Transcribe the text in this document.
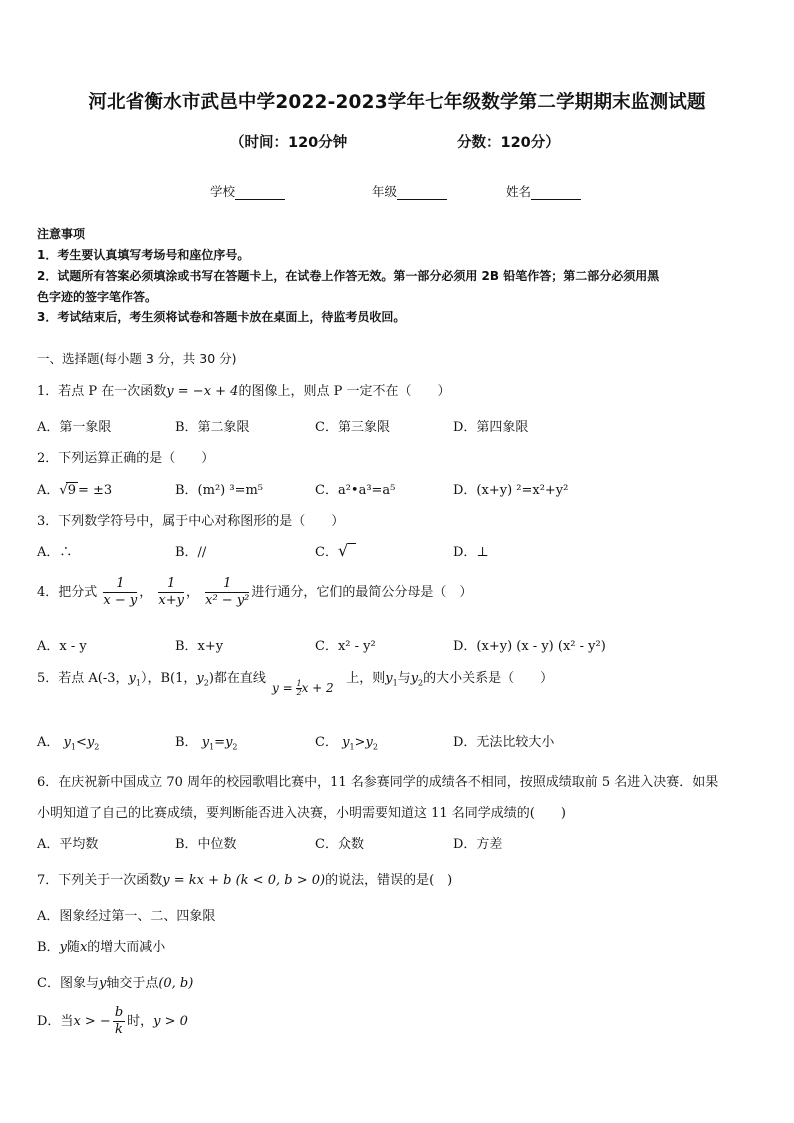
河北省衡水市武邑中学2022-2023学年七年级数学第二学期期末监测试题
（时间：120分钟	分数：120分）
学校	年级	姓名
注意事项
1．考生要认真填写考场号和座位序号。
2．试题所有答案必须填涂或书写在答题卡上，在试卷上作答无效。第一部分必须用 2B 铅笔作答；第二部分必须用黑
色字迹的签字笔作答。
3．考试结束后，考生须将试卷和答题卡放在桌面上，待监考员收回。
一、选择题(每小题 3 分，共 30 分)
1．若点 P 在一次函数y = −x + 4的图像上，则点 P 一定不在（　　）
A．第一象限	B．第二象限	C．第三象限	D．第四象限
2．下列运算正确的是（　　）
A．√9 = ±3	B．(m²) ³=m⁵	C．a²•a³=a⁵	D．(x+y) ²=x²+y²
3．下列数学符号中，属于中心对称图形的是（　　）
A．∴	B．//	C．√	D．⊥
4．把分式 $\frac{1}{x - y}$ ， $\frac{1}{x+y}$ ， $\frac{1}{\text{x² − y²}}$ 进行通分，它们的最简公分母是（　）
A．x - y	B．x+y	C．x² - y²	D．(x+y) (x - y) (x² - y²)
5．若点 A(-3，$y_1$），B(1，$y_2$)都在直线	上，则$y_1$与$y_2$的大小关系是（　　）
$y = \frac{1}{2}x + 2$
A． $y_1<y_2$	B． $y_1=y_2$	C． $y_1>y_2$	D．无法比较大小
6．在庆祝新中国成立 70 周年的校园歌唱比赛中，11 名参赛同学的成绩各不相同，按照成绩取前 5 名进入决赛．如果
小明知道了自己的比赛成绩，要判断能否进入决赛，小明需要知道这 11 名同学成绩的(　　)
A．平均数	B．中位数	C．众数	D．方差
7．下列关于一次函数y = kx + b (k < 0, b > 0)的说法，错误的是(　)
A．图象经过第一、二、四象限
B．y随x的增大而减小
C．图象与y轴交于点(0, b)
D．当x > − $\frac{b}{k}$ 时，y > 0
